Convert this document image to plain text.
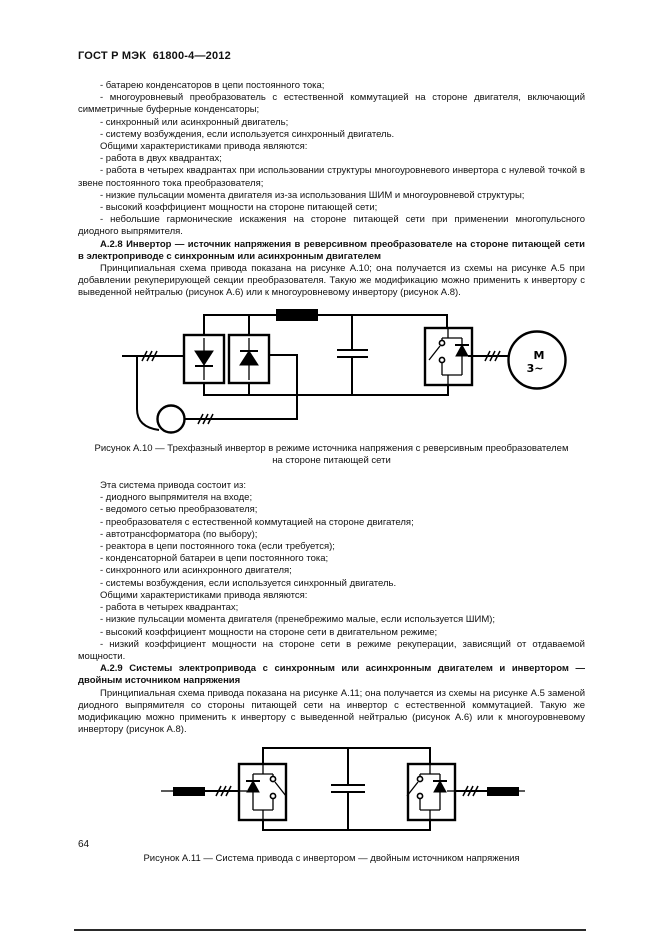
ГОСТ Р МЭК  61800-4—2012
- батарею конденсаторов в цепи постоянного тока;
- многоуровневый преобразователь с естественной коммутацией на стороне двигателя, включающий симметричные буферные конденсаторы;
- синхронный или асинхронный двигатель;
- систему возбуждения, если используется синхронный двигатель.
Общими характеристиками привода являются:
- работа в двух квадрантах;
- работа в четырех квадрантах при использовании структуры многоуровневого инвертора с нулевой точкой в звене постоянного тока преобразователя;
- низкие пульсации момента двигателя из-за использования ШИМ и многоуровневой структуры;
- высокий коэффициент мощности на стороне питающей сети;
- небольшие гармонические искажения на стороне питающей сети при применении многопульсного диодного выпрямителя.
А.2.8 Инвертор — источник напряжения в реверсивном преобразователе на стороне питающей сети в электроприводе с синхронным или асинхронным двигателем
Принципиальная схема привода показана на рисунке А.10; она получается из схемы на рисунке А.5 при добавлении рекуперирующей секции преобразователя. Такую же модификацию можно применить к инвертору с выведенной нейтралью (рисунок А.6) или к многоуровневому инвертору (рисунок А.8).
М
3~
Рисунок А.10 — Трехфазный инвертор в режиме источника напряжения с реверсивным преобразователем
на стороне питающей сети
Эта система привода состоит из:
- диодного выпрямителя на входе;
- ведомого сетью преобразователя;
- преобразователя с естественной коммутацией на стороне двигателя;
- автотрансформатора (по выбору);
- реактора в цепи постоянного тока (если требуется);
- конденсаторной батареи в цепи постоянного тока;
- синхронного или асинхронного двигателя;
- системы возбуждения, если используется синхронный двигатель.
Общими характеристиками привода являются:
- работа в четырех квадрантах;
- низкие пульсации момента двигателя (пренебрежимо малые, если используется ШИМ);
- высокий коэффициент мощности на стороне сети в двигательном режиме;
- низкий коэффициент мощности на стороне сети в режиме рекуперации, зависящий от отдаваемой мощности.
А.2.9 Системы электропривода с синхронным или асинхронным двигателем и инвертором — двойным источником напряжения
Принципиальная схема привода показана на рисунке А.11; она получается из схемы на рисунке А.5 заменой диодного выпрямителя со стороны питающей сети на инвертор с естественной коммутацией. Такую же модификацию можно применить к инвертору с выведенной нейтралью (рисунок А.6) или к многоуровневому инвертору (рисунок А.8).
Рисунок А.11 — Система привода с инвертором — двойным источником напряжения
64
